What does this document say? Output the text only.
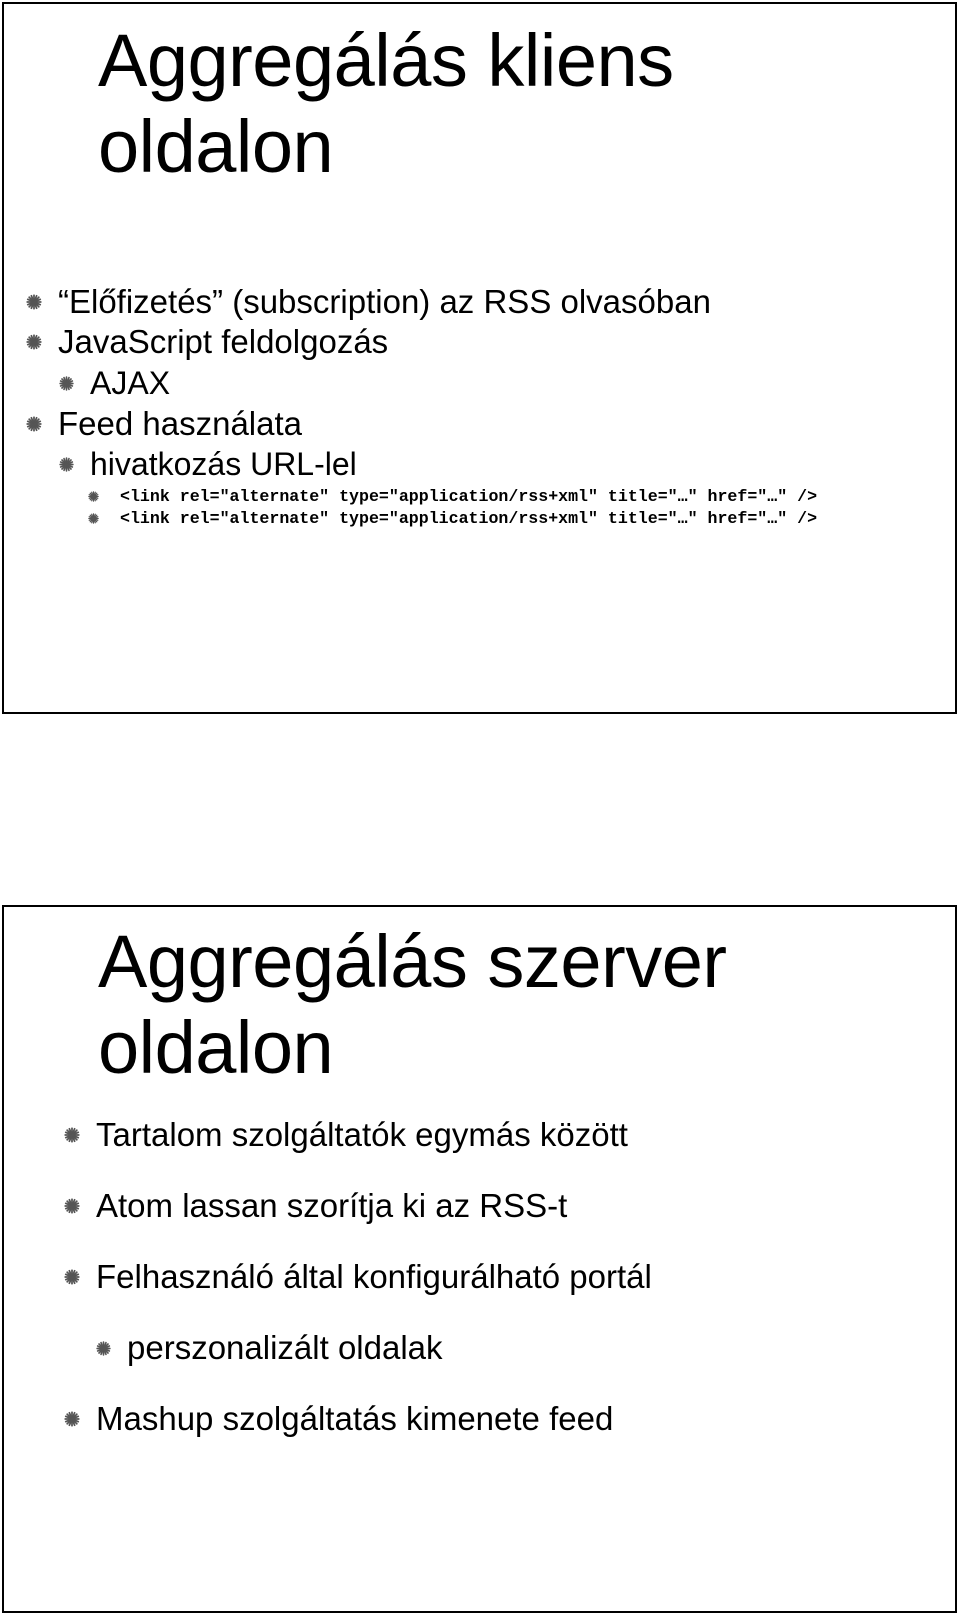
Aggregálás kliens
oldalon
“Előfizetés” (subscription) az RSS olvasóban
JavaScript feldolgozás
AJAX
Feed használata
hivatkozás URL-lel
<link rel="alternate" type="application/rss+xml" title="…" href="…" />
<link rel="alternate" type="application/rss+xml" title="…" href="…" />
Aggregálás szerver
oldalon
Tartalom szolgáltatók egymás között
Atom lassan szorítja ki az RSS-t
Felhasználó által konfigurálható portál
perszonalizált oldalak
Mashup szolgáltatás kimenete feed
